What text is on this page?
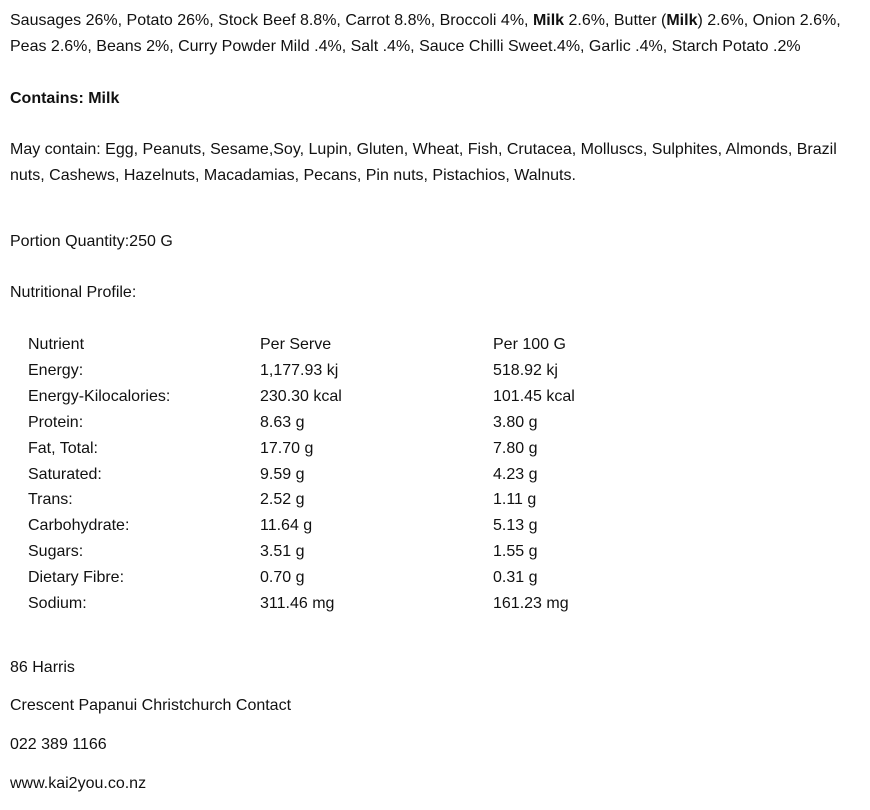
Sausages 26%, Potato 26%, Stock Beef 8.8%, Carrot 8.8%, Broccoli 4%, Milk 2.6%, Butter (Milk) 2.6%, Onion 2.6%, Peas 2.6%, Beans 2%, Curry Powder Mild .4%, Salt .4%, Sauce Chilli Sweet.4%, Garlic .4%, Starch Potato .2%

Contains: Milk

May contain: Egg, Peanuts, Sesame,Soy, Lupin, Gluten, Wheat, Fish, Crutacea, Molluscs, Sulphites, Almonds, Brazil nuts, Cashews, Hazelnuts, Macadamias, Pecans, Pin nuts, Pistachios, Walnuts.

Portion Quantity:250 G

Nutritional Profile:

Nutrient	Per Serve	Per 100 G
Energy:	1,177.93 kj	518.92 kj
Energy-Kilocalories:	230.30 kcal	101.45 kcal
Protein:	8.63 g	3.80 g
Fat, Total:	17.70 g	7.80 g
Saturated:	9.59 g	4.23 g
Trans:	2.52 g	1.11 g
Carbohydrate:	11.64 g	5.13 g
Sugars:	3.51 g	1.55 g
Dietary Fibre:	0.70 g	0.31 g
Sodium:	311.46 mg	161.23 mg

86 Harris

Crescent Papanui Christchurch Contact

022 389 1166

www.kai2you.co.nz
